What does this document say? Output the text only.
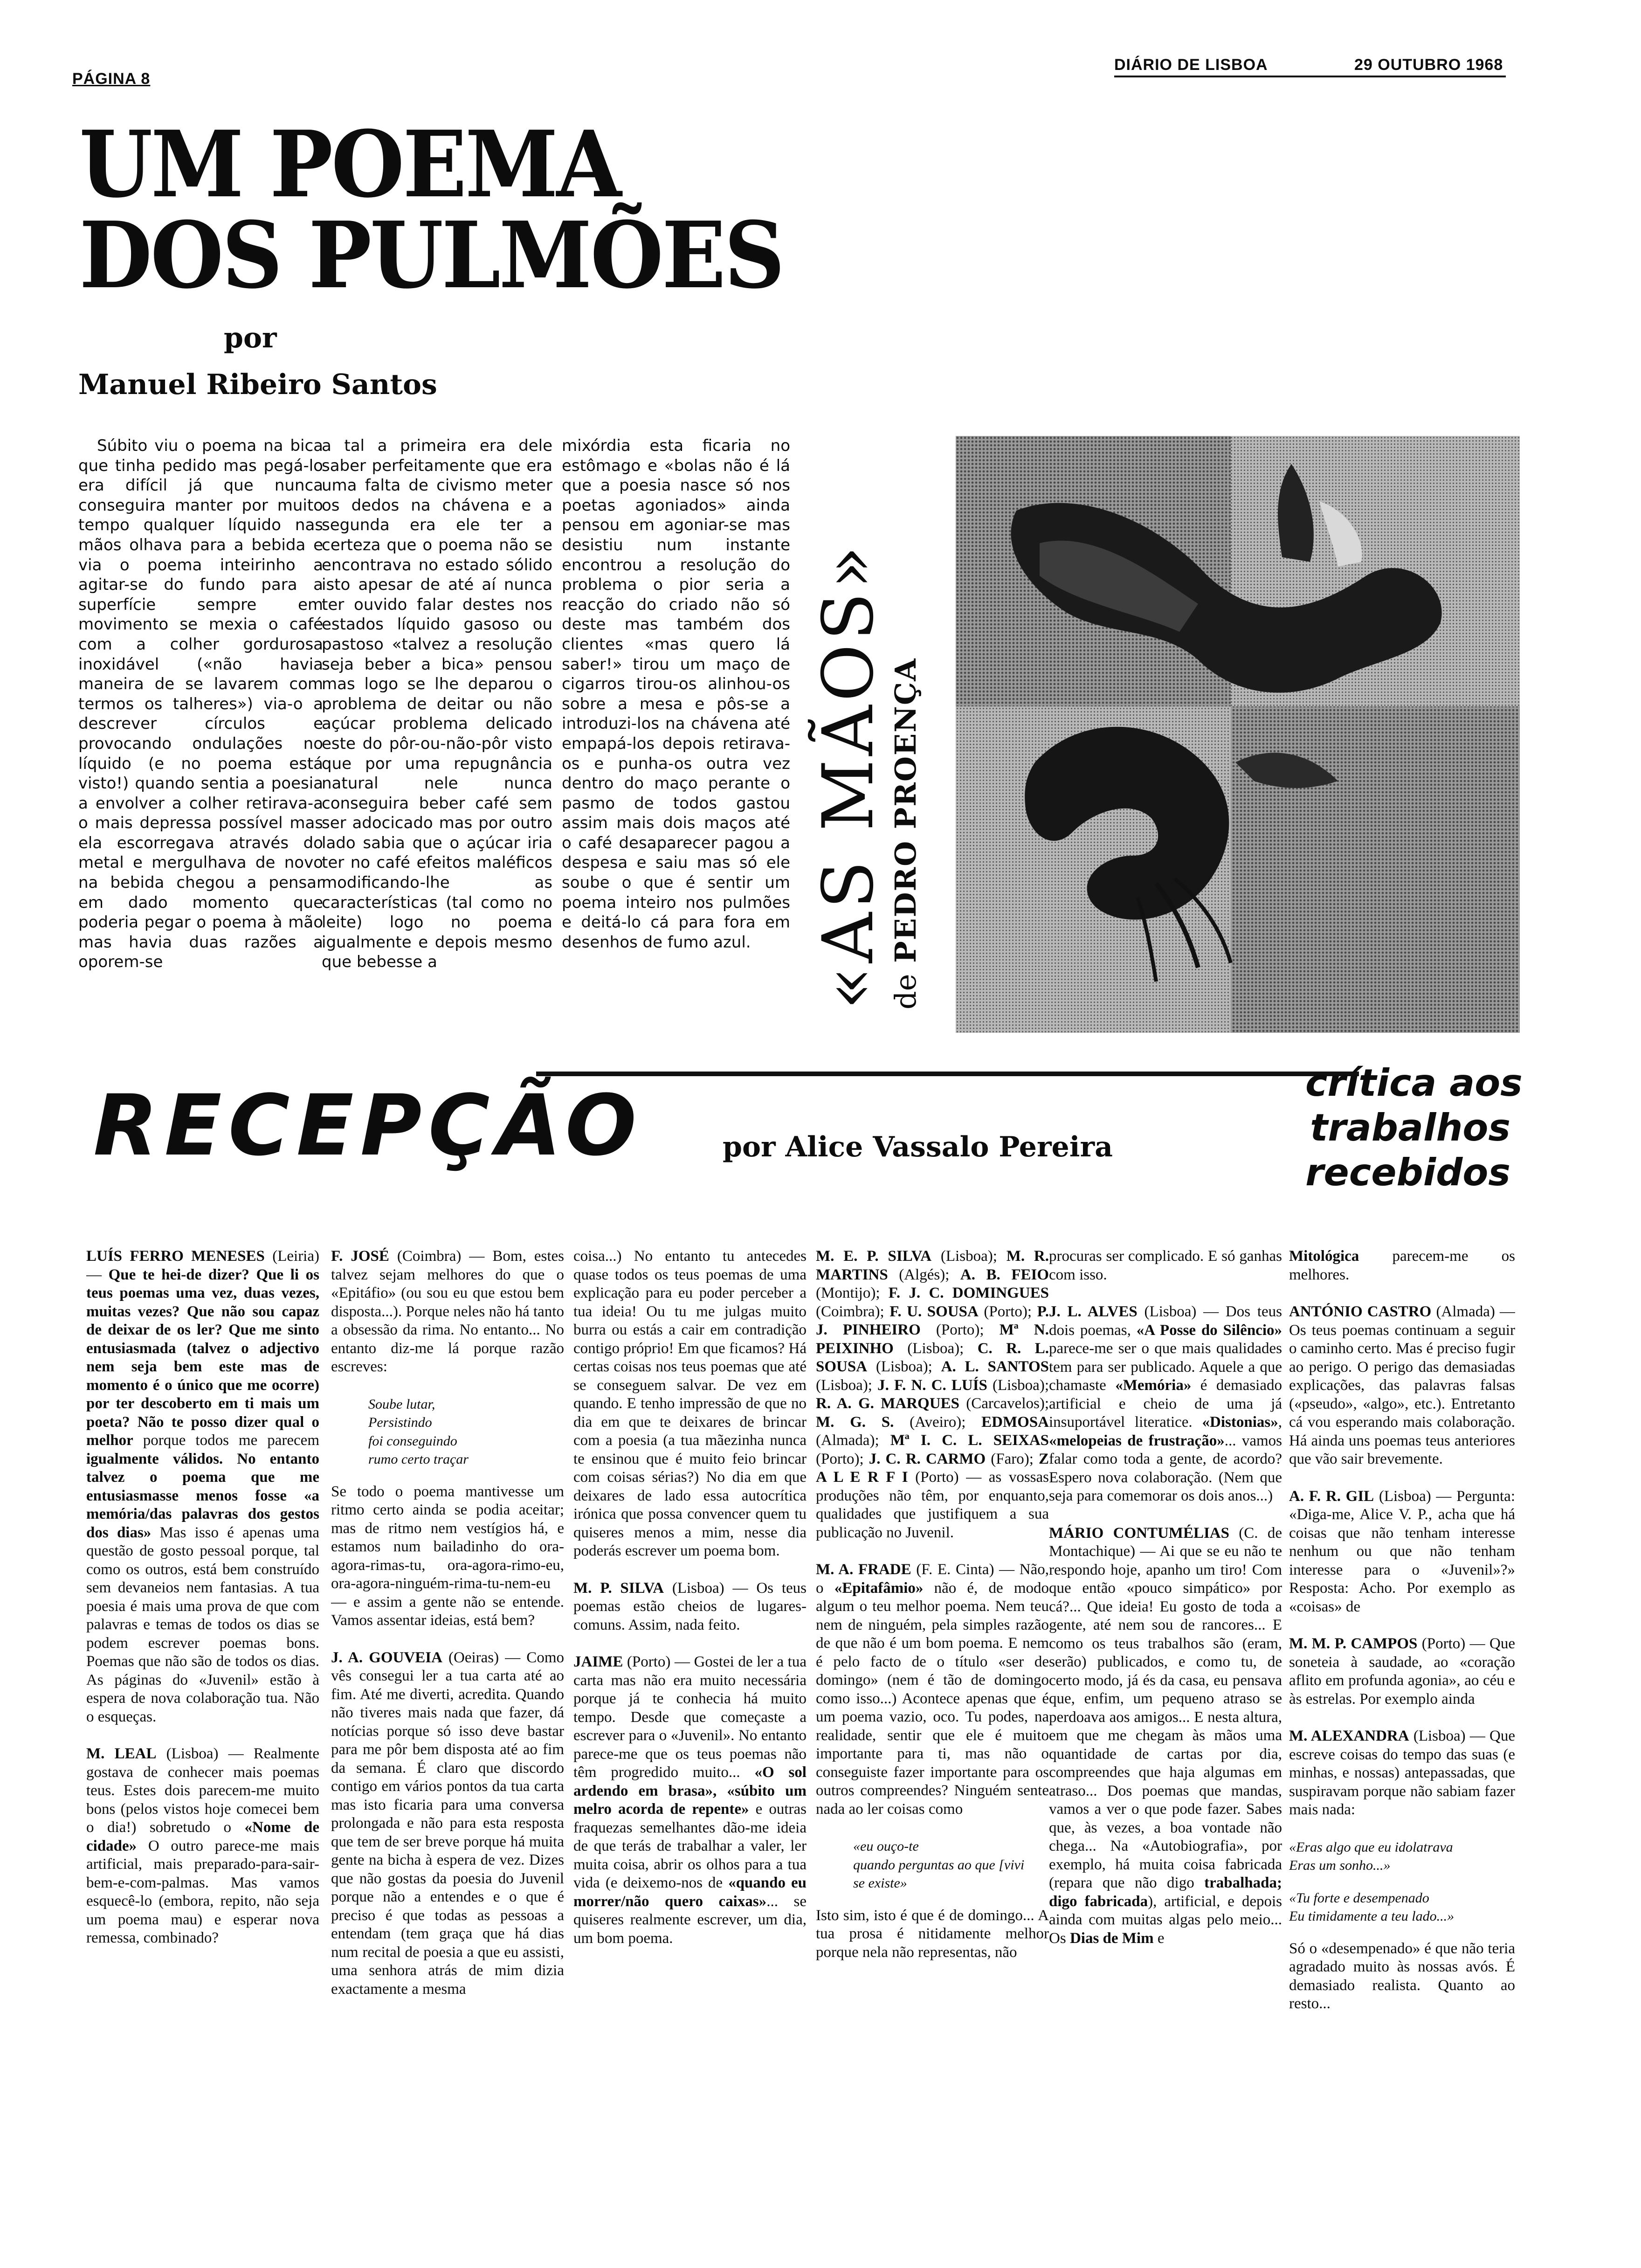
PÁGINA 8
DIÁRIO DE LISBOA	29 OUTUBRO 1968
UM POEMA
DOS PULMÕES
por
Manuel Ribeiro Santos
Súbito viu o poema na bica que tinha pedido mas pegá-lo era difícil já que nunca conseguira manter por muito tempo qualquer líquido nas mãos olhava para a bebida e via o poema inteirinho a agitar-se do fundo para a superfície sempre em movimento se mexia o café com a colher gordurosa inoxidável («não havia maneira de se lavarem com termos os talheres») via-o a descrever círculos e provocando ondulações no líquido (e no poema está visto!) quando sentia a poesia a envolver a colher retirava-a o mais depressa possível mas ela escorregava através do metal e mergulhava de novo na bebida chegou a pensar em dado momento que poderia pegar o poema à mão mas havia duas razões a oporem-se
a tal a primeira era dele saber perfeitamente que era uma falta de civismo meter os dedos na chávena e a segunda era ele ter a certeza que o poema não se encontrava no estado sólido isto apesar de até aí nunca ter ouvido falar destes nos estados líquido gasoso ou pastoso «talvez a resolução seja beber a bica» pensou mas logo se lhe deparou o problema de deitar ou não açúcar problema delicado este do pôr-ou-não-pôr visto que por uma repugnância natural nele nunca conseguira beber café sem ser adocicado mas por outro lado sabia que o açúcar iria ter no café efeitos maléficos modificando-lhe as características (tal como no leite) logo no poema igualmente e depois mesmo que bebesse a
mixórdia esta ficaria no estômago e «bolas não é lá que a poesia nasce só nos poetas agoniados» ainda pensou em agoniar-se mas desistiu num instante encontrou a resolução do problema o pior seria a reacção do criado não só deste mas também dos clientes «mas quero lá saber!» tirou um maço de cigarros tirou-os alinhou-os sobre a mesa e pôs-se a introduzi-los na chávena até empapá-los depois retirava-os e punha-os outra vez dentro do maço perante o pasmo de todos gastou assim mais dois maços até o café desaparecer pagou a despesa e saiu mas só ele soube o que é sentir um poema inteiro nos pulmões e deitá-lo cá para fora em desenhos de fumo azul. «AS MÃOS» de
PEDRO PROENÇA
RECEPÇÃO	por Alice Vassalo Pereira
crítica aos
trabalhos
recebidos

LUÍS FERRO MENESES (Leiria) — Que te hei-de dizer? Que li os teus poemas uma vez, duas vezes, muitas vezes? Que não sou capaz de deixar de os ler? Que me sinto entusiasmada (talvez o adjectivo nem seja bem este mas de momento é o único que me ocorre) por ter descoberto em ti mais um poeta? Não te posso dizer qual o melhor porque todos me parecem igualmente válidos. No entanto talvez o poema que me entusiasmasse menos fosse «a memória/das palavras dos gestos dos dias» Mas isso é apenas uma questão de gosto pessoal porque, tal como os outros, está bem construído sem devaneios nem fantasias. A tua poesia é mais uma prova de que com palavras e temas de todos os dias se podem escrever poemas bons. Poemas que não são de todos os dias. As páginas do «Juvenil» estão à espera de nova colaboração tua. Não o esqueças.

M. LEAL (Lisboa) — Realmente gostava de conhecer mais poemas teus. Estes dois parecem-me muito bons (pelos vistos hoje comecei bem o dia!) sobretudo o «Nome de cidade» O outro parece-me mais artificial, mais preparado-para-sair-bem-e-com-palmas. Mas vamos esquecê-lo (embora, repito, não seja um poema mau) e esperar nova remessa, combinado?

F. JOSÉ (Coimbra) — Bom, estes talvez sejam melhores do que o «Epitáfio» (ou sou eu que estou bem disposta...). Porque neles não há tanto a obsessão da rima. No entanto... No entanto diz-me lá porque razão escreves:

Soube lutar,
Persistindo
foi conseguindo
rumo certo traçar

Se todo o poema mantivesse um ritmo certo ainda se podia aceitar; mas de ritmo nem vestígios há, e estamos num bailadinho do ora-agora-rimas-tu, ora-agora-rimo-eu, ora-agora-ninguém-rima-tu-nem-eu — e assim a gente não se entende. Vamos assentar ideias, está bem?

J. A. GOUVEIA (Oeiras) — Como vês consegui ler a tua carta até ao fim. Até me diverti, acredita. Quando não tiveres mais nada que fazer, dá notícias porque só isso deve bastar para me pôr bem disposta até ao fim da semana. É claro que discordo contigo em vários pontos da tua carta mas isto ficaria para uma conversa prolongada e não para esta resposta que tem de ser breve porque há muita gente na bicha à espera de vez. Dizes que não gostas da poesia do Juvenil porque não a entendes e o que é preciso é que todas as pessoas a entendam (tem graça que há dias num recital de poesia a que eu assisti, uma senhora atrás de mim dizia exactamente a mesma

coisa...) No entanto tu antecedes quase todos os teus poemas de uma explicação para eu poder perceber a tua ideia! Ou tu me julgas muito burra ou estás a cair em contradição contigo próprio! Em que ficamos? Há certas coisas nos teus poemas que até se conseguem salvar. De vez em quando. E tenho impressão de que no dia em que te deixares de brincar com a poesia (a tua mãezinha nunca te ensinou que é muito feio brincar com coisas sérias?) No dia em que deixares de lado essa autocrítica irónica que possa convencer quem tu quiseres menos a mim, nesse dia poderás escrever um poema bom.

M. P. SILVA (Lisboa) — Os teus poemas estão cheios de lugares-comuns. Assim, nada feito.

JAIME (Porto) — Gostei de ler a tua carta mas não era muito necessária porque já te conhecia há muito tempo. Desde que começaste a escrever para o «Juvenil». No entanto parece-me que os teus poemas não têm progredido muito... «O sol ardendo em brasa», «súbito um melro acorda de repente» e outras fraquezas semelhantes dão-me ideia de que terás de trabalhar a valer, ler muita coisa, abrir os olhos para a tua vida (e deixemo-nos de «quando eu morrer/não quero caixas»... se quiseres realmente escrever, um dia, um bom poema.

M. E. P. SILVA (Lisboa); M. R. MARTINS (Algés); A. B. FEIO (Montijo); F. J. C. DOMINGUES (Coimbra); F. U. SOUSA (Porto); P. J. PINHEIRO (Porto); Mª N. PEIXINHO (Lisboa); C. R. L. SOUSA (Lisboa); A. L. SANTOS (Lisboa); J. F. N. C. LUÍS (Lisboa); R. A. G. MARQUES (Carcavelos); M. G. S. (Aveiro); EDMOSA (Almada); Mª I. C. L. SEIXAS (Porto); J. C. R. CARMO (Faro); Z A L E R F I (Porto) — as vossas produções não têm, por enquanto, qualidades que justifiquem a sua publicação no Juvenil.

M. A. FRADE (F. E. Cinta) — Não, o «Epitafâmio» não é, de modo algum o teu melhor poema. Nem teu nem de ninguém, pela simples razão de que não é um bom poema. E nem é pelo facto de o título «ser de domingo» (nem é tão de domingo como isso...) Acontece apenas que é um poema vazio, oco. Tu podes, na realidade, sentir que ele é muito importante para ti, mas não o conseguiste fazer importante para os outros compreendes? Ninguém sente nada ao ler coisas como

«eu ouço-te
quando perguntas ao que [vivi
se existe»

Isto sim, isto é que é de domingo... A tua prosa é nitidamente melhor porque nela não representas, não

procuras ser complicado. E só ganhas com isso.

J. L. ALVES (Lisboa) — Dos teus dois poemas, «A Posse do Silêncio» parece-me ser o que mais qualidades tem para ser publicado. Aquele a que chamaste «Memória» é demasiado artificial e cheio de uma já insuportável literatice. «Distonias», «melopeias de frustração»... vamos falar como toda a gente, de acordo? Espero nova colaboração. (Nem que seja para comemorar os dois anos...)

MÁRIO CONTUMÉLIAS (C. de Montachique) — Ai que se eu não te respondo hoje, apanho um tiro! Com que então «pouco simpático» por cá?... Que ideia! Eu gosto de toda a gente, até nem sou de rancores... E como os teus trabalhos são (eram, serão) publicados, e como tu, de certo modo, já és da casa, eu pensava que, enfim, um pequeno atraso se perdoava aos amigos... E nesta altura, em que me chegam às mãos uma quantidade de cartas por dia, compreendes que haja algumas em atraso... Dos poemas que mandas, vamos a ver o que pode fazer. Sabes que, às vezes, a boa vontade não chega... Na «Autobiografia», por exemplo, há muita coisa fabricada (repara que não digo trabalhada; digo fabricada), artificial, e depois ainda com muitas algas pelo meio... Os Dias de Mim e

Mitológica parecem-me os melhores.

ANTÓNIO CASTRO (Almada) — Os teus poemas continuam a seguir o caminho certo. Mas é preciso fugir ao perigo. O perigo das demasiadas explicações, das palavras falsas («pseudo», «algo», etc.). Entretanto cá vou esperando mais colaboração. Há ainda uns poemas teus anteriores que vão sair brevemente.

A. F. R. GIL (Lisboa) — Pergunta: «Diga-me, Alice V. P., acha que há coisas que não tenham interesse nenhum ou que não tenham interesse para o «Juvenil»?» Resposta: Acho. Por exemplo as «coisas» de

M. M. P. CAMPOS (Porto) — Que soneteia à saudade, ao «coração aflito em profunda agonia», ao céu e às estrelas. Por exemplo ainda

M. ALEXANDRA (Lisboa) — Que escreve coisas do tempo das suas (e minhas, e nossas) antepassadas, que suspiravam porque não sabiam fazer mais nada:

«Eras algo que eu idolatrava
Eras um sonho...»

«Tu forte e desempenado
Eu timidamente a teu lado...»

Só o «desempenado» é que não teria agradado muito às nossas avós. É demasiado realista. Quanto ao resto...
